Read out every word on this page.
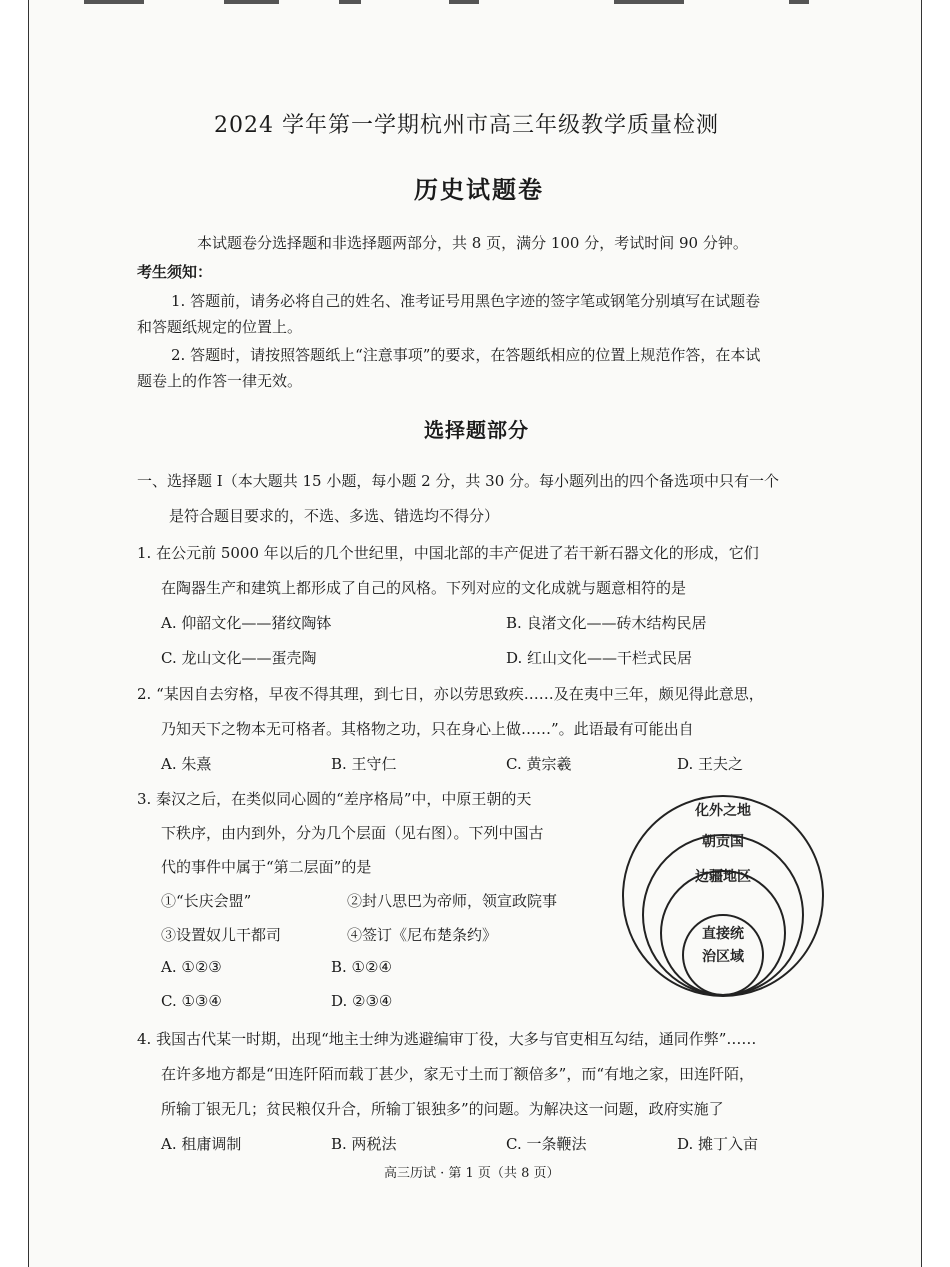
2024 学年第一学期杭州市高三年级教学质量检测
历史试题卷
本试题卷分选择题和非选择题两部分，共 8 页，满分 100 分，考试时间 90 分钟。
考生须知：
1. 答题前，请务必将自己的姓名、准考证号用黑色字迹的签字笔或钢笔分别填写在试题卷
和答题纸规定的位置上。
2. 答题时，请按照答题纸上“注意事项”的要求，在答题纸相应的位置上规范作答，在本试
题卷上的作答一律无效。
选择题部分
一、选择题 Ⅰ（本大题共 15 小题，每小题 2 分，共 30 分。每小题列出的四个备选项中只有一个
是符合题目要求的，不选、多选、错选均不得分）
1. 在公元前 5000 年以后的几个世纪里，中国北部的丰产促进了若干新石器文化的形成，它们
在陶器生产和建筑上都形成了自己的风格。下列对应的文化成就与题意相符的是
A. 仰韶文化——猪纹陶钵	B. 良渚文化——砖木结构民居
C. 龙山文化——蛋壳陶	D. 红山文化——干栏式民居
2. “某因自去穷格，早夜不得其理，到七日，亦以劳思致疾……及在夷中三年，颇见得此意思，
乃知天下之物本无可格者。其格物之功，只在身心上做……”。此语最有可能出自
A. 朱熹	B. 王守仁	C. 黄宗羲	D. 王夫之
3. 秦汉之后，在类似同心圆的“差序格局”中，中原王朝的天
下秩序，由内到外，分为几个层面（见右图）。下列中国古
代的事件中属于“第二层面”的是
①“长庆会盟”	②封八思巴为帝师，领宣政院事
③设置奴儿干都司	④签订《尼布楚条约》
A. ①②③	B. ①②④
C. ①③④	D. ②③④
化外之地
朝贡国
边疆地区
直接统
治区域
4. 我国古代某一时期，出现“地主士绅为逃避编审丁役，大多与官吏相互勾结，通同作弊”……
在许多地方都是“田连阡陌而载丁甚少，家无寸土而丁额倍多”，而“有地之家，田连阡陌，
所输丁银无几；贫民粮仅升合，所输丁银独多”的问题。为解决这一问题，政府实施了
A. 租庸调制	B. 两税法	C. 一条鞭法	D. 摊丁入亩
高三历试 · 第 1 页（共 8 页）
